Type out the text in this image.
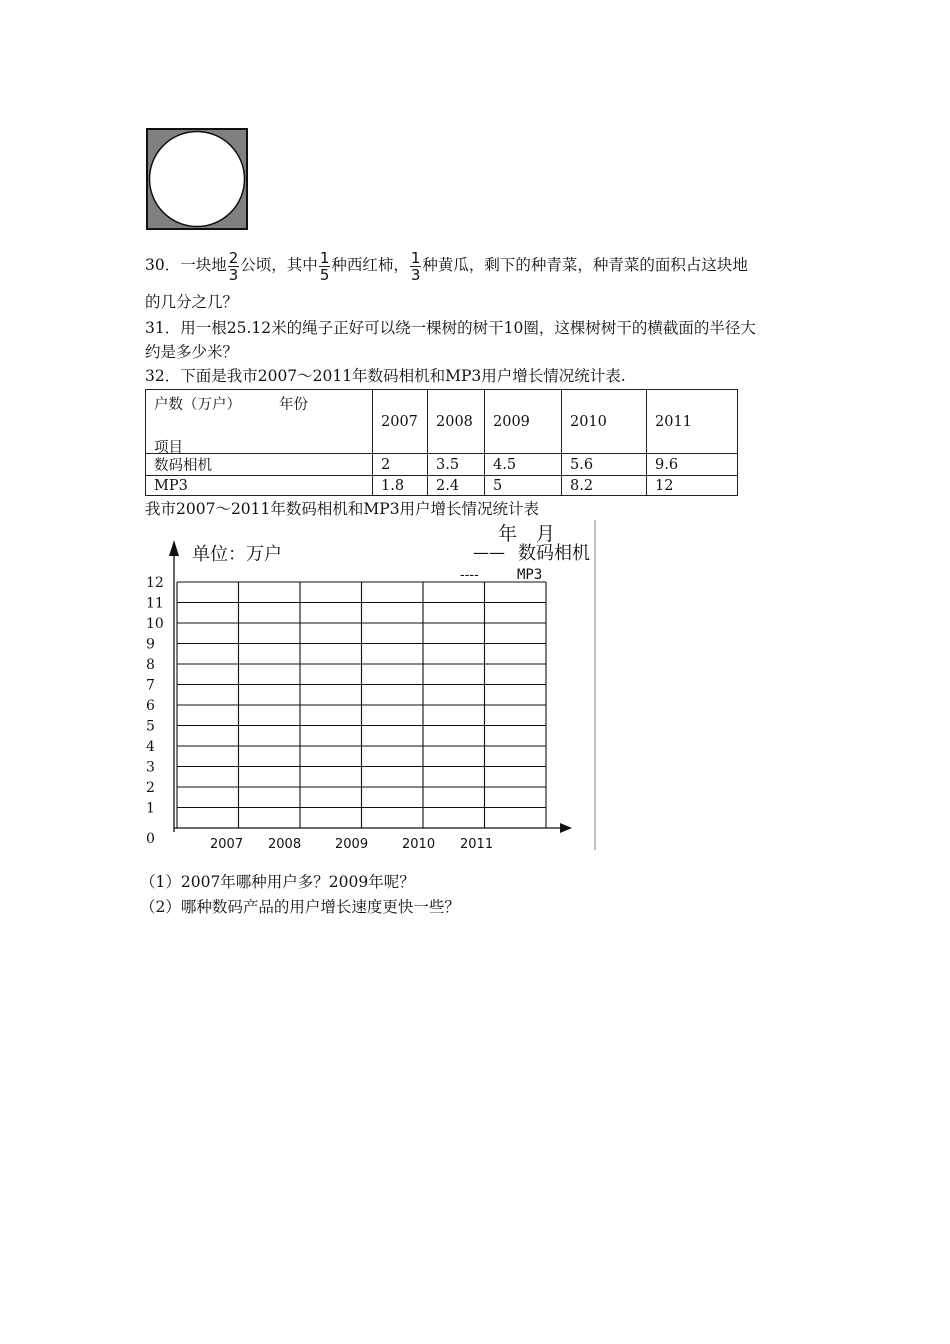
30．一块地 $\frac{2}{3}$ 公顷，其中 $\frac{1}{5}$ 种西红柿， $\frac{1}{3}$ 种黄瓜，剩下的种青菜，种青菜的面积占这块地
的几分之几？
31．用一根25.12米的绳子正好可以绕一棵树的树干10圈，这棵树树干的横截面的半径大
约是多少米？
32．下面是我市2007～2011年数码相机和MP3用户增长情况统计表.
户数（万户） 年份
项目	2007	2008	2009	2010	2011
数码相机	2	3.5	4.5	5.6	9.6
MP3	1.8	2.4	5	8.2	12
我市2007～2011年数码相机和MP3用户增长情况统计表
单位：万户
年　月
—— 数码相机
----	MP3
0
1
2
3
4
5
6
7
8
9
10
11
12
2007 2008	2009	2010 2011
（1）2007年哪种用户多？2009年呢？
（2）哪种数码产品的用户增长速度更快一些？
